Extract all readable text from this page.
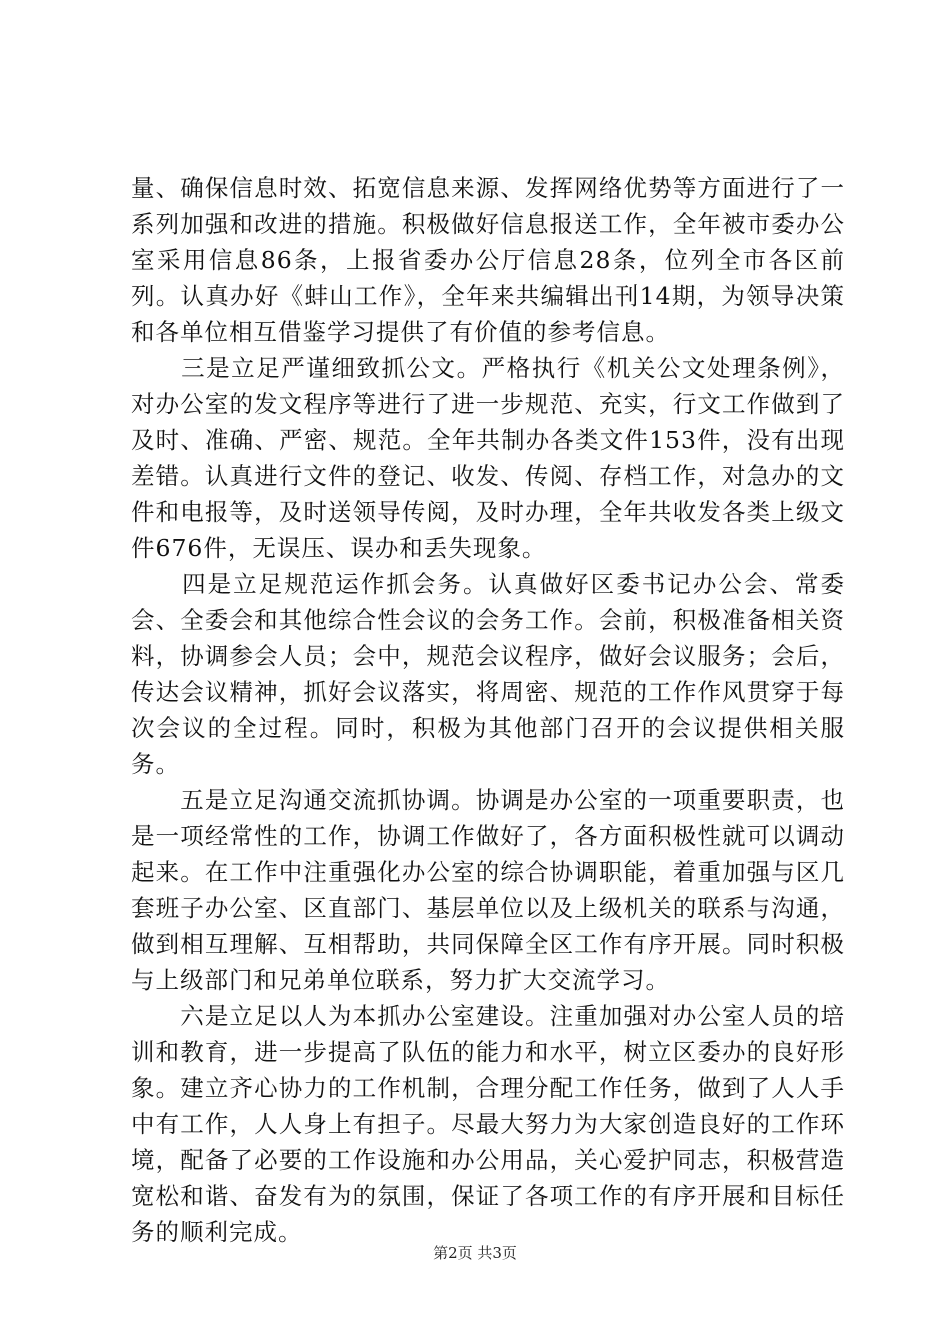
量、确保信息时效、拓宽信息来源、发挥网络优势等方面进行了一系列加强和改进的措施。积极做好信息报送工作，全年被市委办公室采用信息86条，上报省委办公厅信息28条，位列全市各区前列。认真办好《蚌山工作》，全年来共编辑出刊14期，为领导决策和各单位相互借鉴学习提供了有价值的参考信息。

　　三是立足严谨细致抓公文。严格执行《机关公文处理条例》，对办公室的发文程序等进行了进一步规范、充实，行文工作做到了及时、准确、严密、规范。全年共制办各类文件153件，没有出现差错。认真进行文件的登记、收发、传阅、存档工作，对急办的文件和电报等，及时送领导传阅，及时办理，全年共收发各类上级文件676件，无误压、误办和丢失现象。

　　四是立足规范运作抓会务。认真做好区委书记办公会、常委会、全委会和其他综合性会议的会务工作。会前，积极准备相关资料，协调参会人员；会中，规范会议程序，做好会议服务；会后，传达会议精神，抓好会议落实，将周密、规范的工作作风贯穿于每次会议的全过程。同时，积极为其他部门召开的会议提供相关服务。

　　五是立足沟通交流抓协调。协调是办公室的一项重要职责，也是一项经常性的工作，协调工作做好了，各方面积极性就可以调动起来。在工作中注重强化办公室的综合协调职能，着重加强与区几套班子办公室、区直部门、基层单位以及上级机关的联系与沟通，做到相互理解、互相帮助，共同保障全区工作有序开展。同时积极与上级部门和兄弟单位联系，努力扩大交流学习。

　　六是立足以人为本抓办公室建设。注重加强对办公室人员的培训和教育，进一步提高了队伍的能力和水平，树立区委办的良好形象。建立齐心协力的工作机制，合理分配工作任务，做到了人人手中有工作，人人身上有担子。尽最大努力为大家创造良好的工作环境，配备了必要的工作设施和办公用品，关心爱护同志，积极营造宽松和谐、奋发有为的氛围，保证了各项工作的有序开展和目标任务的顺利完成。

第2页 共3页
